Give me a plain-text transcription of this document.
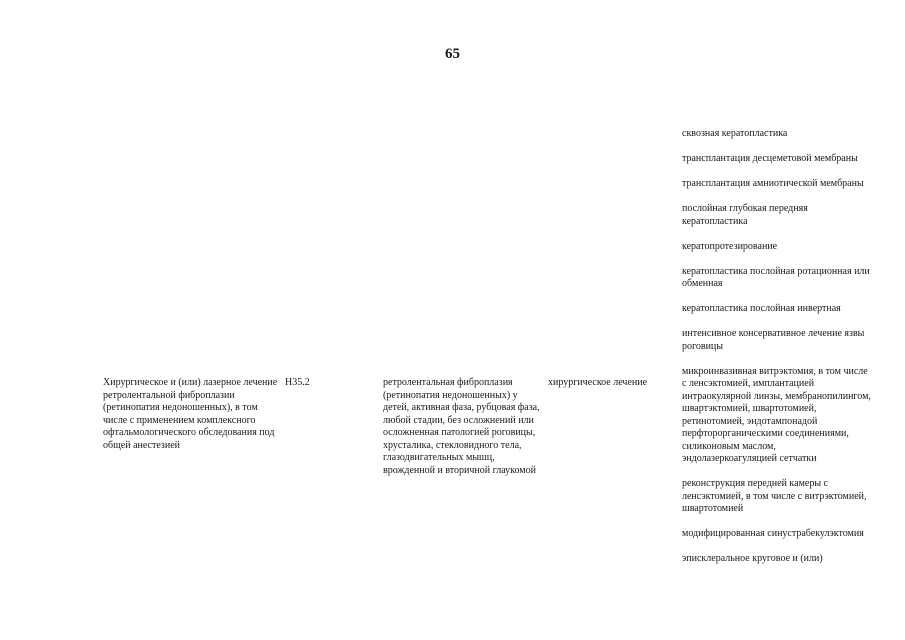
65
Хирургическое и (или) лазерное лечение ретролентальной фиброплазии (ретинопатия недоношенных), в том числе с применением комплексного офтальмологического обследования под общей анестезией
H35.2	ретролентальная фиброплазия (ретинопатия недоношенных) у детей, активная фаза, рубцовая фаза, любой стадии, без осложнений или осложненная патологией роговицы, хрусталика, стекловидного тела, глазодвигательных мышц, врожденной и вторичной глаукомой
хирургическое лечение

сквозная кератопластика

трансплантация десцеметовой мембраны

трансплантация амниотической мембраны

послойная глубокая передняя кератопластика

кератопротезирование

кератопластика послойная ротационная или обменная

кератопластика послойная инвертная

интенсивное консервативное лечение язвы роговицы

микроинвазивная витрэктомия, в том числе с ленсэктомией, имплантацией интраокулярной линзы, мембранопилингом, швартэктомией, швартотомией, ретинотомией, эндотампонадой перфторорганическими соединениями, силиконовым маслом, эндолазеркоагуляцией сетчатки

реконструкция передней камеры с ленсэктомией, в том числе с витрэктомией, швартотомией

модифицированная синустрабекулэктомия

эписклеральное круговое и (или)
